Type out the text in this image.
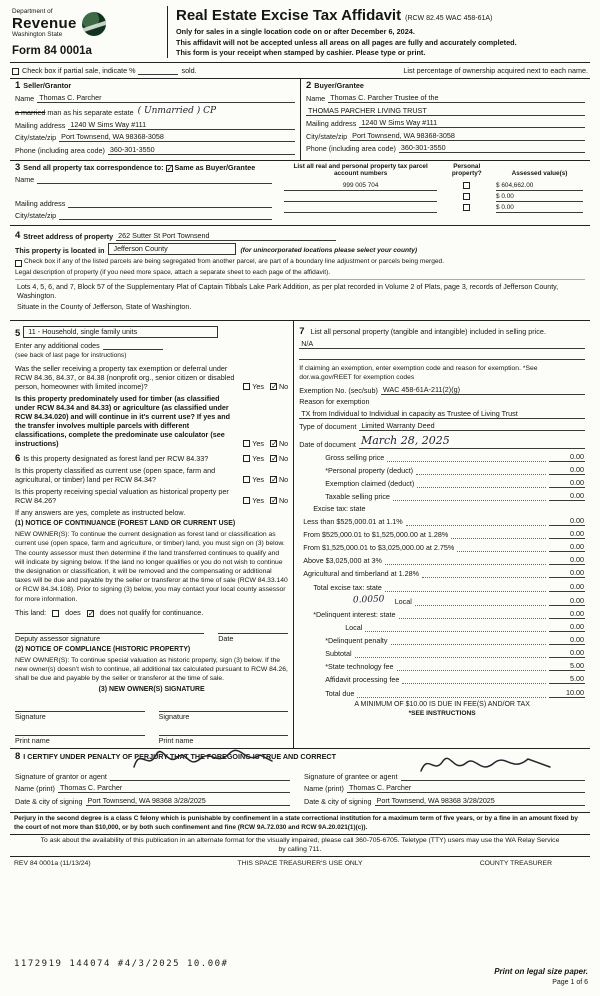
Department of
Revenue
Washington State
Form 84 0001a
Real Estate Excise Tax Affidavit (RCW 82.45 WAC 458-61A)
Only for sales in a single location code on or after December 6, 2024.
This affidavit will not be accepted unless all areas on all pages are fully and accurately completed.
This form is your receipt when stamped by cashier. Please type or print.
Check box if partial sale, indicate %	sold.	List percentage of ownership acquired next to each name.
1 Seller/Grantor
Name Thomas C. Parcher
a married
man as his separate estate
( Unmarried ) CP
Mailing address 1240 W Sims Way #111
City/state/zip Port Townsend, WA 98368-3058
Phone (including area code) 360-301-3550
2 Buyer/Grantee
Name Thomas C. Parcher Trustee of the
THOMAS PARCHER LIVING TRUST
Mailing address 1240 W Sims Way #111
City/state/zip Port Townsend, WA 98368-3058
Phone (including area code) 360-301-3550
3 Send all property tax correspondence to: ✓ Same as Buyer/Grantee
Name
Mailing address
City/state/zip
List all real and personal property tax parcel account numbers	Personal property?	Assessed value(s)

999 005 704		$ 604,662.00

		$ 0.00

		$ 0.00
4 Street address of property 262 Sutter St Port Townsend
This property is located in	Jefferson County	(for unincorporated locations please select your county)

Check box if any of the listed parcels are being segregated from another parcel, are part of a boundary line adjustment or parcels being merged.
Legal description of property (if you need more space, attach a separate sheet to each page of the affidavit).
Lots 4, 5, 6, and 7, Block 57 of the Supplementary Plat of Captain Tibbals Lake Park Addition, as per plat recorded in Volume 2 of Plats, page 3, records of Jefferson County, Washington.
Situate in the County of Jefferson, State of Washington.
5	11 - Household, single family units
Enter any additional codes
(see back of last page for instructions)
Was the seller receiving a property tax exemption or deferral under RCW 84.36, 84.37, or 84.38 (nonprofit org., senior citizen or disabled person, homeowner with limited income)?	Yes ✓ No
Is this property predominately used for timber (as classified under RCW 84.34 and 84.33) or agriculture (as classified under RCW 84.34.020) and will continue in it's current use? If yes and the transfer involves multiple parcels with different classifications, complete the predominate use calculator (see instructions)	Yes ✓ No
6 Is this property designated as forest land per RCW 84.33?	Yes ✓ No
Is this property classified as current use (open space, farm and agricultural, or timber) land per RCW 84.34?	Yes ✓ No
Is this property receiving special valuation as historical property per RCW 84.26?	Yes ✓ No
If any answers are yes, complete as instructed below.
(1) NOTICE OF CONTINUANCE (FOREST LAND OR CURRENT USE)
NEW OWNER(S): To continue the current designation as forest land or classification as current use (open space, farm and agriculture, or timber) land, you must sign on (3) below. The county assessor must then determine if the land transferred continues to qualify and will indicate by signing below. If the land no longer qualifies or you do not wish to continue the designation or classification, it will be removed and the compensating or additional taxes will be due and payable by the seller or transferor at the time of sale (RCW 84.33.140 or RCW 84.34.108). Prior to signing (3) below, you may contact your local county assessor for more information.
This land:	does ✓ does not qualify for continuance.
Deputy assessor signature	Date
(2) NOTICE OF COMPLIANCE (HISTORIC PROPERTY)
NEW OWNER(S): To continue special valuation as historic property, sign (3) below. If the new owner(s) doesn't wish to continue, all additional tax calculated pursuant to RCW 84.26, shall be due and payable by the seller or transferor at the time of sale.
(3) NEW OWNER(S) SIGNATURE
Signature	Signature
Print name	Print name
7 List all personal property (tangible and intangible) included in selling price.
N/A
If claiming an exemption, enter exemption code and reason for exemption. *See dor.wa.gov/REET for exemption codes
Exemption No. (sec/sub) WAC 458-61A-211(2)(g)
Reason for exemption
TX from Individual to Individual in capacity as Trustee of Living Trust
Type of document Limited Warranty Deed
Date of document March 28, 2025
Gross selling price	0.00
*Personal property (deduct)	0.00
Exemption claimed (deduct)	0.00
Taxable selling price	0.00
Excise tax: state
Less than $525,000.01 at 1.1%	0.00
From $525,000.01 to $1,525,000.00 at 1.28%	0.00
From $1,525,000.01 to $3,025,000.00 at 2.75%	0.00
Above $3,025,000 at 3%	0.00
Agricultural and timberland at 1.28%	0.00
Total excise tax: state	0.00
0.0050 Local	0.00
*Delinquent interest: state	0.00
Local	0.00
*Delinquent penalty	0.00
Subtotal	0.00
*State technology fee	5.00
Affidavit processing fee	5.00
Total due	10.00
A MINIMUM OF $10.00 IS DUE IN FEE(S) AND/OR TAX
*SEE INSTRUCTIONS
8 I CERTIFY UNDER PENALTY OF PERJURY THAT THE FOREGOING IS TRUE AND CORRECT
Signature of grantor or agent
Name (print) Thomas C. Parcher
Date & city of signing Port Townsend, WA 98368 3/28/2025
Signature of grantee or agent
Name (print) Thomas C. Parcher
Date & city of signing Port Townsend, WA 98368 3/28/2025
Perjury in the second degree is a class C felony which is punishable by confinement in a state correctional institution for a maximum term of five years, or by a fine in an amount fixed by the court of not more than $10,000, or by both such confinement and fine (RCW 9A.72.030 and RCW 9A.20.021(1)(c)).
To ask about the availability of this publication in an alternate format for the visually impaired, please call 360-705-6705. Teletype (TTY) users may use the WA Relay Service by calling 711.
REV 84 0001a (11/13/24)	THIS SPACE TREASURER'S USE ONLY	COUNTY TREASURER
1172919 144074 #4/3/2025 10.00#
Print on legal size paper.
Page 1 of 6
